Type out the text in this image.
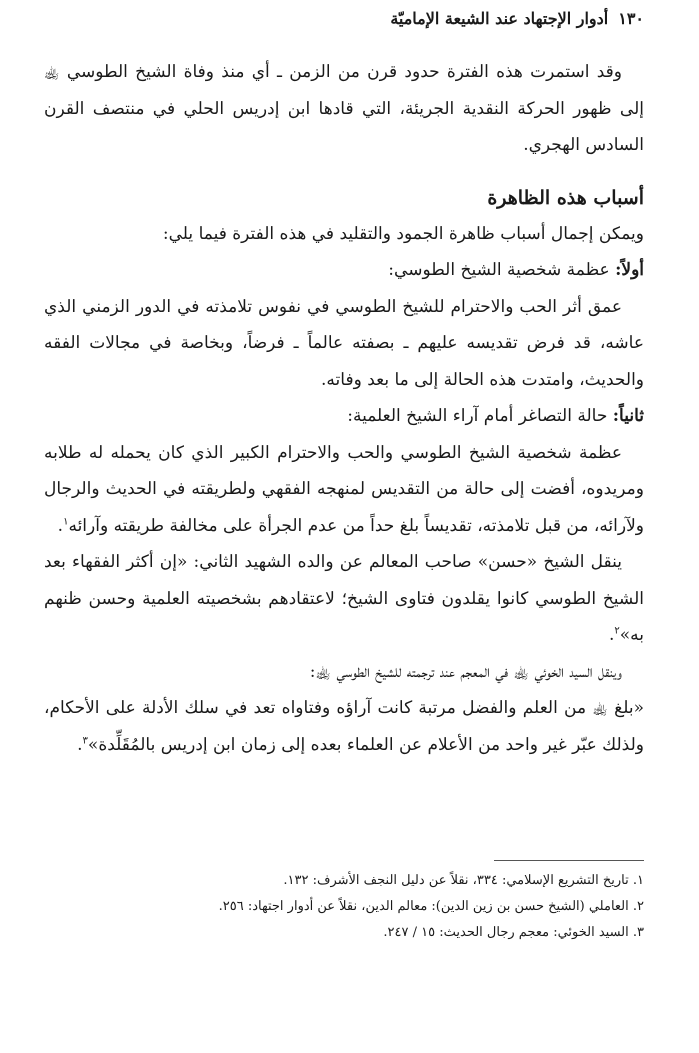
١٣٠أدوار الإجتهاد عند الشيعة الإماميّة

وقد استمرت هذه الفترة حدود قرن من الزمن ـ أي منذ وفاة الشيخ الطوسي ﵀ إلى ظهور الحركة النقدية الجريئة، التي قادها ابن إدريس الحلي في منتصف القرن السادس الهجري.

أسباب هذه الظاهرة

ويمكن إجمال أسباب ظاهرة الجمود والتقليد في هذه الفترة فيما يلي:

أولاً: عظمة شخصية الشيخ الطوسي:

عمق أثر الحب والاحترام للشيخ الطوسي في نفوس تلامذته في الدور الزمني الذي عاشه، قد فرض تقديسه عليهم ـ بصفته عالماً ـ فرضاً، وبخاصة في مجالات الفقه والحديث، وامتدت هذه الحالة إلى ما بعد وفاته.

ثانياً: حالة التصاغر أمام آراء الشيخ العلمية:

عظمة شخصية الشيخ الطوسي والحب والاحترام الكبير الذي كان يحمله له طلابه ومريدوه، أفضت إلى حالة من التقديس لمنهجه الفقهي ولطريقته في الحديث والرجال ولآرائه، من قبل تلامذته، تقديساً بلغ حداً من عدم الجرأة على مخالفة طريقته وآرائه$^١$.

ينقل الشيخ «حسن» صاحب المعالم عن والده الشهيد الثاني: «إن أكثر الفقهاء بعد الشيخ الطوسي كانوا يقلدون فتاوى الشيخ؛ لاعتقادهم بشخصيته العلمية وحسن ظنهم به»$^٢$.

وينقل السيد الخوئي ﵀ في المعجم عند ترجمته للشيخ الطوسي ﵀:

«بلغ ﵀ من العلم والفضل مرتبة كانت آراؤه وفتاواه تعد في سلك الأدلة على الأحكام، ولذلك عبّر غير واحد من الأعلام عن العلماء بعده إلى زمان ابن إدريس بالمُقَلِّدة»$^٣$.

١. تاريخ التشريع الإسلامي: ٣٣٤، نقلاً عن دليل النجف الأشرف: ١٣٢.
٢. العاملي (الشيخ حسن بن زين الدين): معالم الدين، نقلاً عن أدوار اجتهاد: ٢٥٦.
٣. السيد الخوئي: معجم رجال الحديث: ١٥ / ٢٤٧.
